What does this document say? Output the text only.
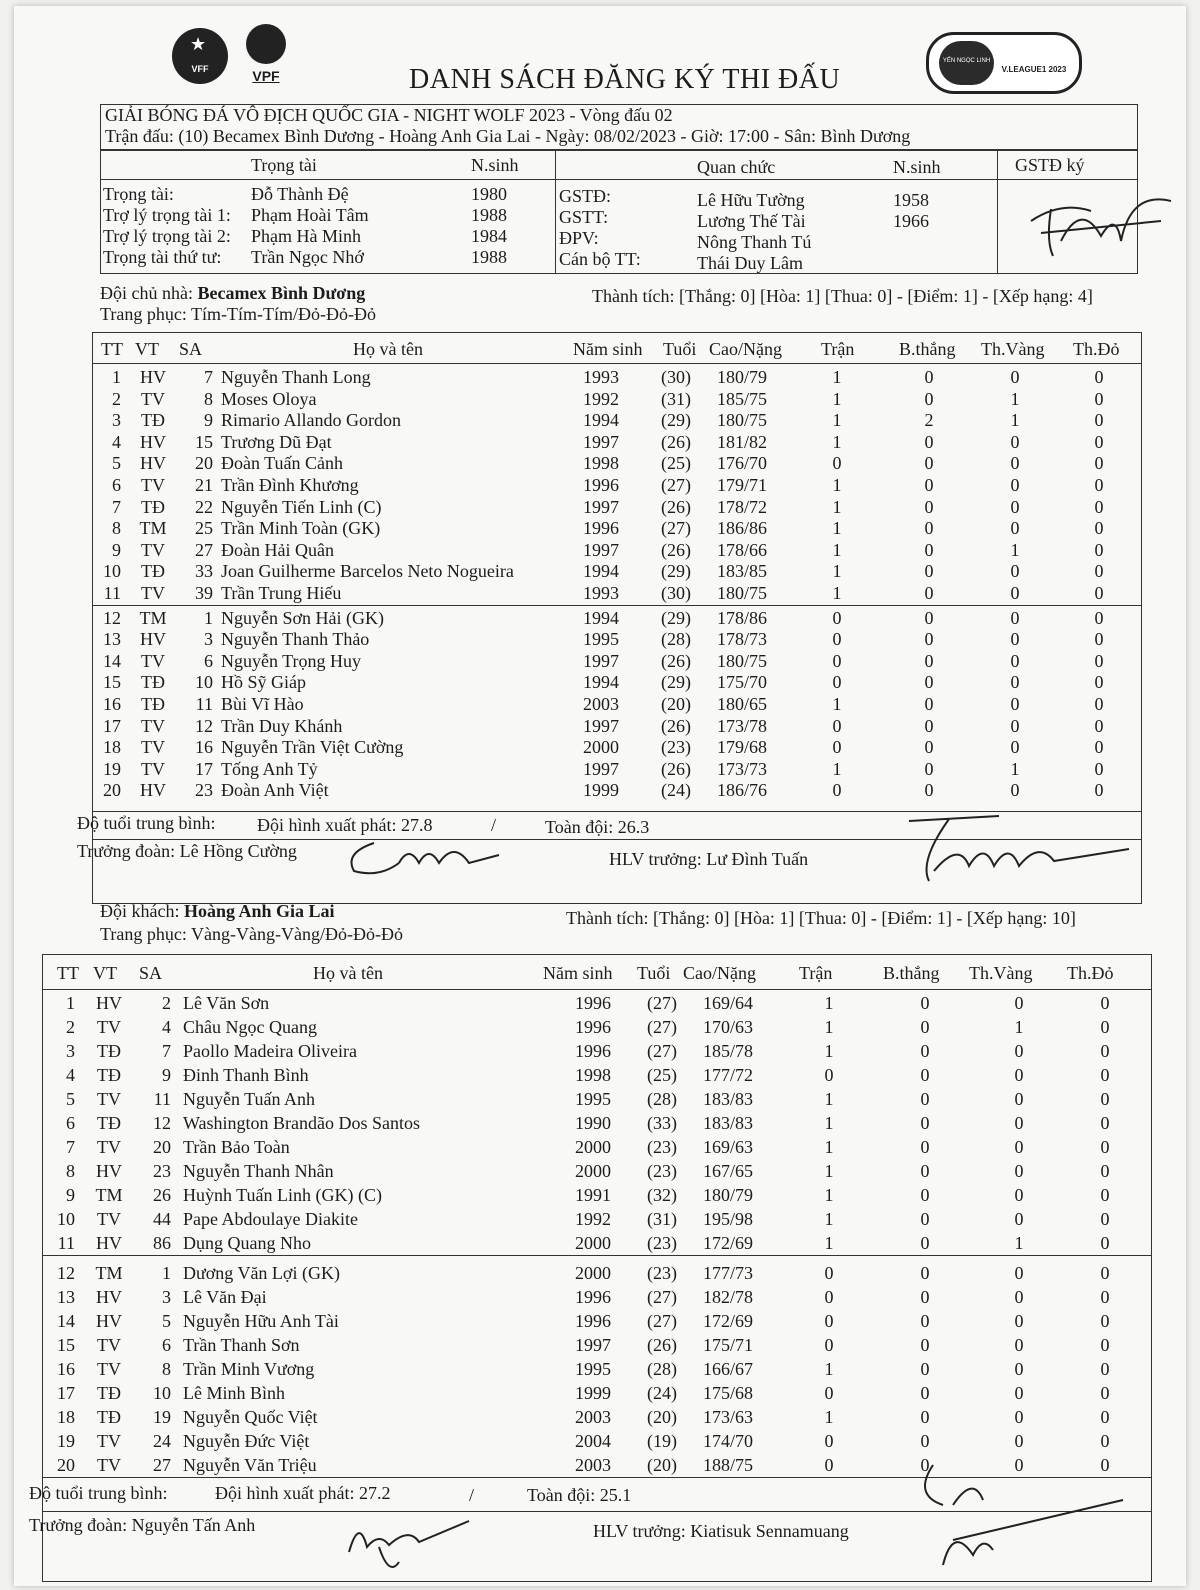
VFF
★
VPF	DANH SÁCH ĐĂNG KÝ THI ĐẤU
YẾN NGỌC LINH
V.LEAGUE1 2023
GIẢI BÓNG ĐÁ VÔ ĐỊCH QUỐC GIA - NIGHT WOLF 2023 - Vòng đấu 02
Trận đấu: (10) Becamex Bình Dương - Hoàng Anh Gia Lai - Ngày: 08/02/2023 - Giờ: 17:00 - Sân: Bình Dương
Trọng tài	N.sinh	Quan chức	N.sinh	GSTĐ ký
Trọng tài:	Đỗ Thành Đệ	1980
Trợ lý trọng tài 1: Phạm Hoài Tâm	1988
Trợ lý trọng tài 2: Phạm Hà Minh	1984
Trọng tài thứ tư: Trần Ngọc Nhớ	1988
GSTĐ:	Lê Hữu Tường	1958
GSTT:	Lương Thế Tài	1966
ĐPV:	Nông Thanh Tú
Cán bộ TT:	Thái Duy Lâm
Đội chủ nhà: Becamex Bình Dương
Trang phục: Tím-Tím-Tím/Đỏ-Đỏ-Đỏ
Thành tích: [Thắng: 0] [Hòa: 1] [Thua: 0] - [Điểm: 1] - [Xếp hạng: 4]
TT VT SA	Họ và tên	Năm sinh Tuổi Cao/Nặng Trận B.thắng Th.Vàng Th.Đỏ
1	HV	7 Nguyễn Thanh Long	1993 (30) 180/79	1	0	0	0
2	TV	8 Moses Oloya	1992 (31) 185/75	1	0	1	0
3	TĐ	9 Rimario Allando Gordon	1994 (29) 180/75	1	2	1	0
4	HV	15 Trương Dũ Đạt	1997 (26) 181/82	1	0	0	0
5	HV	20 Đoàn Tuấn Cảnh	1998 (25) 176/70	0	0	0	0
6	TV	21 Trần Đình Khương	1996 (27) 179/71	1	0	0	0
7	TĐ	22 Nguyễn Tiến Linh (C)	1997 (26) 178/72	1	0	0	0
8	TM	25 Trần Minh Toàn (GK)	1996 (27) 186/86	1	0	0	0
9	TV	27 Đoàn Hải Quân	1997 (26) 178/66	1	0	1	0
10	TĐ	33 Joan Guilherme Barcelos Neto Nogueira	1994 (29) 183/85	1	0	0	0
11	TV	39 Trần Trung Hiếu	1993 (30) 180/75	1	0	0	0
12	TM	1 Nguyễn Sơn Hải (GK)	1994 (29) 178/86	0	0	0	0
13	HV	3 Nguyễn Thanh Thảo	1995 (28) 178/73	0	0	0	0
14	TV	6 Nguyễn Trọng Huy	1997 (26) 180/75	0	0	0	0
15	TĐ	10 Hồ Sỹ Giáp	1994 (29) 175/70	0	0	0	0
16	TĐ	11 Bùi Vĩ Hào	2003 (20) 180/65	1	0	0	0
17	TV	12 Trần Duy Khánh	1997 (26) 173/78	0	0	0	0
18	TV	16 Nguyễn Trần Việt Cường	2000 (23) 179/68	0	0	0	0
19	TV	17 Tống Anh Tỷ	1997 (26) 173/73	1	0	1	0
20	HV	23 Đoàn Anh Việt	1999 (24) 186/76	0	0	0	0
Độ tuổi trung bình: Đội hình xuất phát: 27.8	/	Toàn đội: 26.3
Trưởng đoàn: Lê Hồng Cường	HLV trưởng: Lư Đình Tuấn
Đội khách: Hoàng Anh Gia Lai
Trang phục: Vàng-Vàng-Vàng/Đỏ-Đỏ-Đỏ
Thành tích: [Thắng: 0] [Hòa: 1] [Thua: 0] - [Điểm: 1] - [Xếp hạng: 10]
TT VT SA	Họ và tên	Năm sinh Tuổi Cao/Nặng Trận	B.thắng Th.Vàng Th.Đỏ
1	HV	2 Lê Văn Sơn	1996 (27) 169/64	1	0	0	0
2	TV	4 Châu Ngọc Quang	1996 (27) 170/63	1	0	1	0
3	TĐ	7 Paollo Madeira Oliveira	1996 (27) 185/78	1	0	0	0
4	TĐ	9 Đinh Thanh Bình	1998 (25) 177/72	0	0	0	0
5	TV	11 Nguyễn Tuấn Anh	1995 (28) 183/83	1	0	0	0
6	TĐ	12 Washington Brandão Dos Santos	1990 (33) 183/83	1	0	0	0
7	TV	20 Trần Bảo Toàn	2000 (23) 169/63	1	0	0	0
8	HV	23 Nguyễn Thanh Nhân	2000 (23) 167/65	1	0	0	0
9	TM	26 Huỳnh Tuấn Linh (GK) (C)	1991 (32) 180/79	1	0	0	0
10	TV	44 Pape Abdoulaye Diakite	1992 (31) 195/98	1	0	0	0
11	HV	86 Dụng Quang Nho	2000 (23) 172/69	1	0	1	0
12	TM	1 Dương Văn Lợi (GK)	2000 (23) 177/73	0	0	0	0
13	HV	3 Lê Văn Đại	1996 (27) 182/78	0	0	0	0
14	HV	5 Nguyễn Hữu Anh Tài	1996 (27) 172/69	0	0	0	0
15	TV	6 Trần Thanh Sơn	1997 (26) 175/71	0	0	0	0
16	TV	8 Trần Minh Vương	1995 (28) 166/67	1	0	0	0
17	TĐ	10 Lê Minh Bình	1999 (24) 175/68	0	0	0	0
18	TĐ	19 Nguyễn Quốc Việt	2003 (20) 173/63	1	0	0	0
19	TV	24 Nguyễn Đức Việt	2004 (19) 174/70	0	0	0	0
20	TV	27 Nguyễn Văn Triệu	2003 (20) 188/75	0	0	0	0
Độ tuổi trung bình:	Đội hình xuất phát: 27.2	/	Toàn đội: 25.1
Trưởng đoàn: Nguyễn Tấn Anh	HLV trưởng: Kiatisuk Sennamuang
